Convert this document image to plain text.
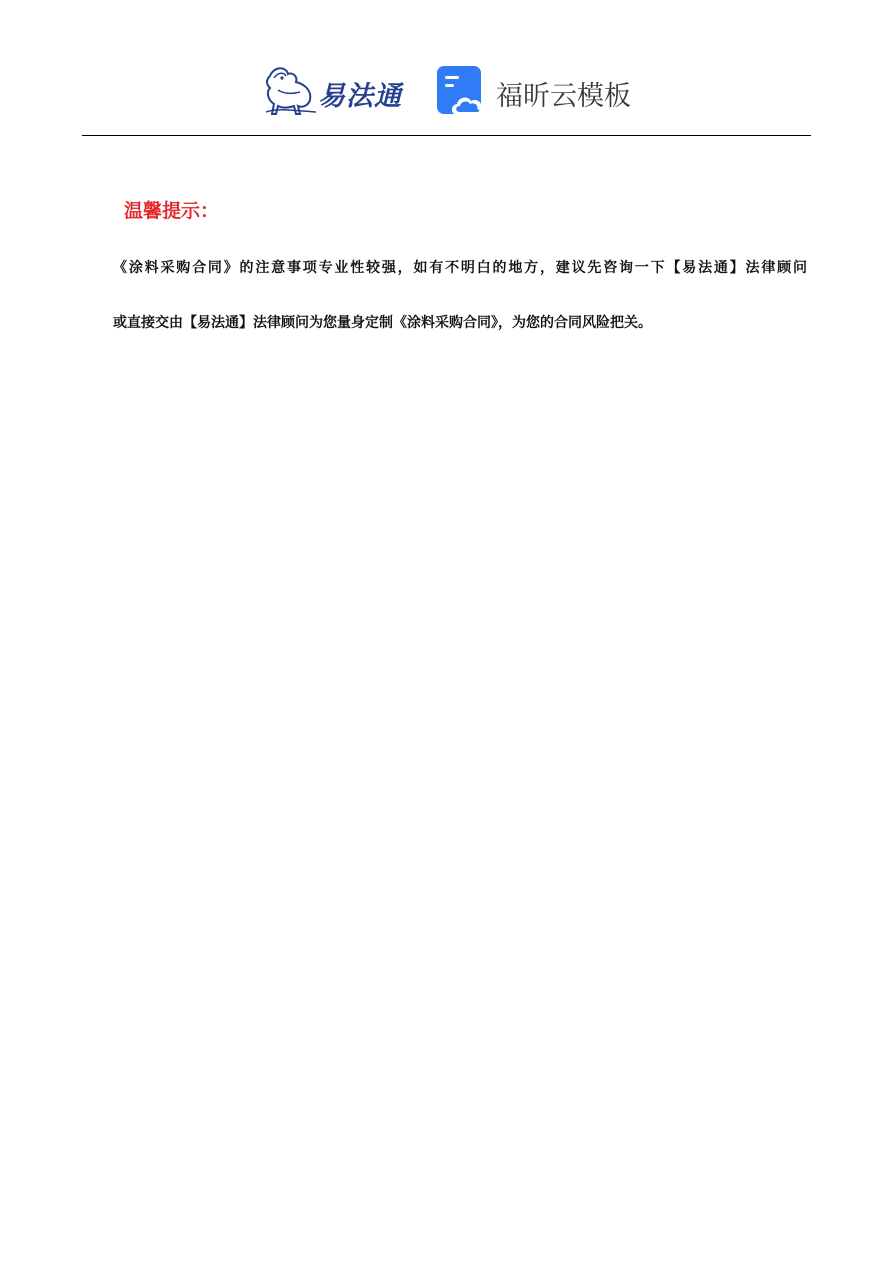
易法通	福昕云模板
温馨提示：
《涂料采购合同》的注意事项专业性较强，如有不明白的地方，建议先咨询一下【易法通】法律顾问
或直接交由【易法通】法律顾问为您量身定制《涂料采购合同》，为您的合同风险把关。
